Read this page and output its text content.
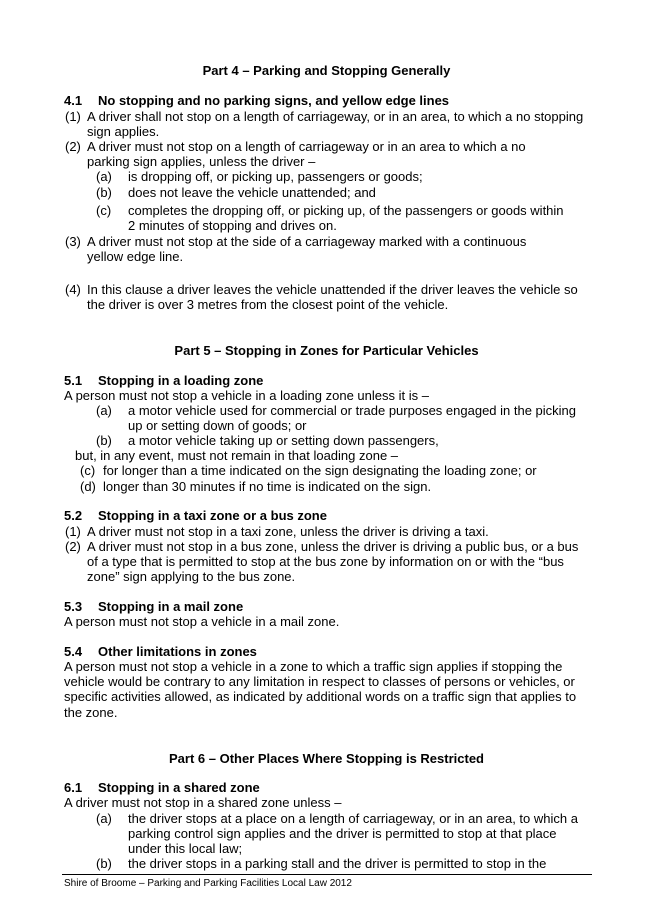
Part 4 – Parking and Stopping Generally
4.1 No stopping and no parking signs, and yellow edge lines
(1) A driver shall not stop on a length of carriageway, or in an area, to which a no stopping
sign applies.
(2) A driver must not stop on a length of carriageway or in an area to which a no
parking sign applies, unless the driver –
(a) is dropping off, or picking up, passengers or goods;
(b) does not leave the vehicle unattended; and
(c) completes the dropping off, or picking up, of the passengers or goods within
2 minutes of stopping and drives on.
(3) A driver must not stop at the side of a carriageway marked with a continuous
yellow edge line.
(4) In this clause a driver leaves the vehicle unattended if the driver leaves the vehicle so
the driver is over 3 metres from the closest point of the vehicle.
Part 5 – Stopping in Zones for Particular Vehicles
5.1 Stopping in a loading zone
A person must not stop a vehicle in a loading zone unless it is –
(a) a motor vehicle used for commercial or trade purposes engaged in the picking
up or setting down of goods; or
(b) a motor vehicle taking up or setting down passengers,
but, in any event, must not remain in that loading zone –
(c) for longer than a time indicated on the sign designating the loading zone; or
(d) longer than 30 minutes if no time is indicated on the sign.
5.2 Stopping in a taxi zone or a bus zone
(1) A driver must not stop in a taxi zone, unless the driver is driving a taxi.
(2) A driver must not stop in a bus zone, unless the driver is driving a public bus, or a bus
of a type that is permitted to stop at the bus zone by information on or with the “bus
zone” sign applying to the bus zone.
5.3 Stopping in a mail zone
A person must not stop a vehicle in a mail zone.
5.4 Other limitations in zones
A person must not stop a vehicle in a zone to which a traffic sign applies if stopping the
vehicle would be contrary to any limitation in respect to classes of persons or vehicles, or
specific activities allowed, as indicated by additional words on a traffic sign that applies to
the zone.
Part 6 – Other Places Where Stopping is Restricted
6.1 Stopping in a shared zone
A driver must not stop in a shared zone unless –
(a) the driver stops at a place on a length of carriageway, or in an area, to which a
parking control sign applies and the driver is permitted to stop at that place
under this local law;
(b) the driver stops in a parking stall and the driver is permitted to stop in the
Shire of Broome – Parking and Parking Facilities Local Law 2012
